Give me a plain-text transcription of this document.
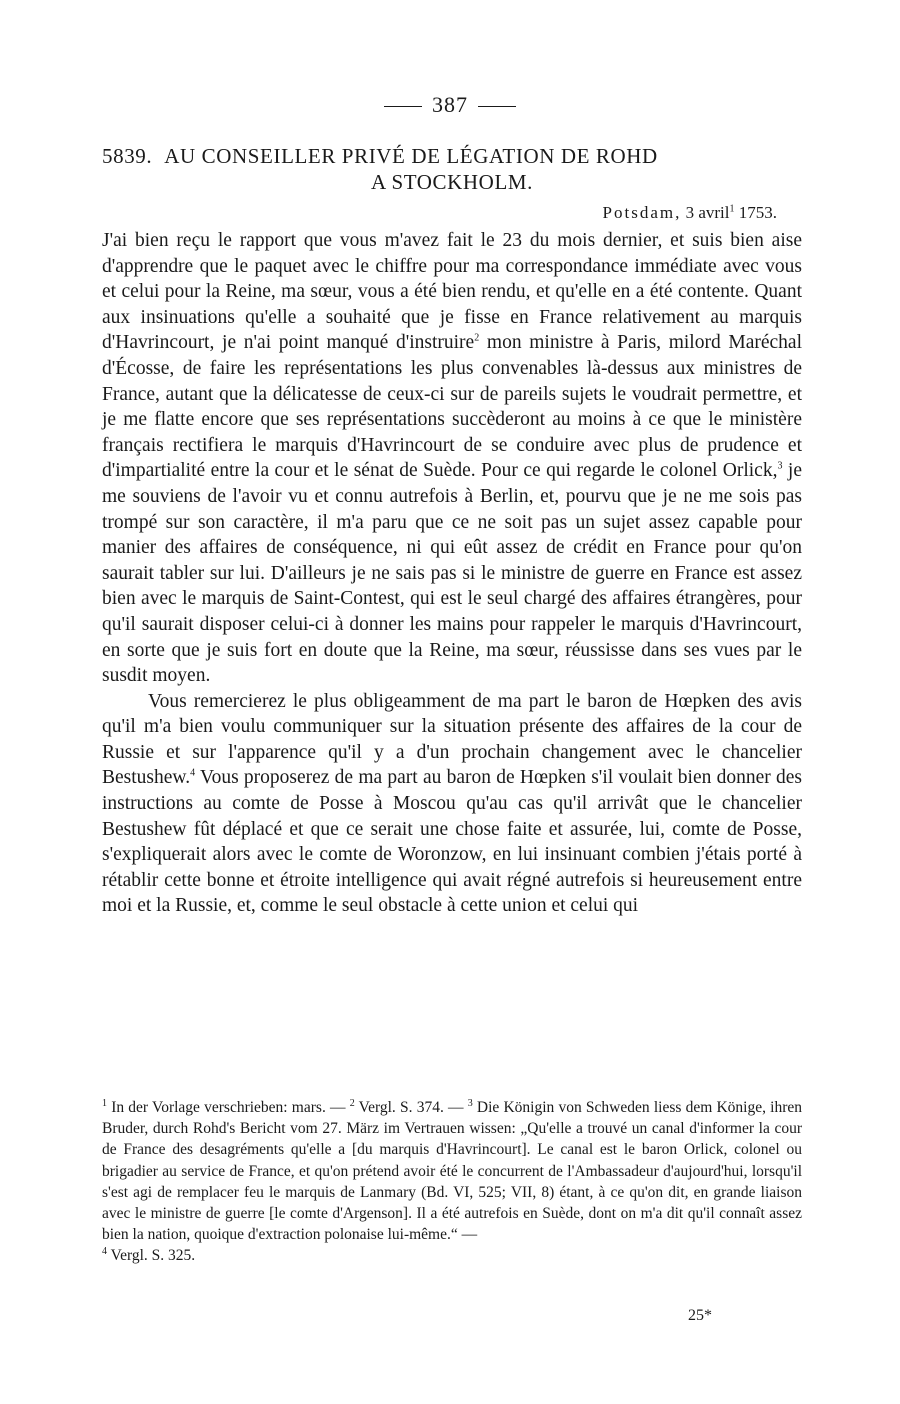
387
5839. AU CONSEILLER PRIVÉ DE LÉGATION DE ROHD
A STOCKHOLM.
Potsdam, 3 avril$^1$ 1753.

J'ai bien reçu le rapport que vous m'avez fait le 23 du mois dernier, et suis bien aise d'apprendre que le paquet avec le chiffre pour ma correspondance immédiate avec vous et celui pour la Reine, ma sœur, vous a été bien rendu, et qu'elle en a été contente. Quant aux insinuations qu'elle a souhaité que je fisse en France relativement au marquis d'Havrincourt, je n'ai point manqué d'instruire$^2$ mon ministre à Paris, milord Maréchal d'Écosse, de faire les représentations les plus convenables là-dessus aux ministres de France, autant que la délicatesse de ceux-ci sur de pareils sujets le voudrait permettre, et je me flatte encore que ses représentations succèderont au moins à ce que le ministère français rectifiera le marquis d'Havrincourt de se conduire avec plus de prudence et d'impartialité entre la cour et le sénat de Suède. Pour ce qui regarde le colonel Orlick,$^3$ je me souviens de l'avoir vu et connu autrefois à Berlin, et, pourvu que je ne me sois pas trompé sur son caractère, il m'a paru que ce ne soit pas un sujet assez capable pour manier des affaires de conséquence, ni qui eût assez de crédit en France pour qu'on saurait tabler sur lui. D'ailleurs je ne sais pas si le ministre de guerre en France est assez bien avec le marquis de Saint-Contest, qui est le seul chargé des affaires étrangères, pour qu'il saurait disposer celui-ci à donner les mains pour rappeler le marquis d'Havrincourt, en sorte que je suis fort en doute que la Reine, ma sœur, réussisse dans ses vues par le susdit moyen.

Vous remercierez le plus obligeamment de ma part le baron de Hœpken des avis qu'il m'a bien voulu communiquer sur la situation présente des affaires de la cour de Russie et sur l'apparence qu'il y a d'un prochain changement avec le chancelier Bestushew.$^4$ Vous proposerez de ma part au baron de Hœpken s'il voulait bien donner des instructions au comte de Posse à Moscou qu'au cas qu'il arrivât que le chancelier Bestushew fût déplacé et que ce serait une chose faite et assurée, lui, comte de Posse, s'expliquerait alors avec le comte de Woronzow, en lui insinuant combien j'étais porté à rétablir cette bonne et étroite intelligence qui avait régné autrefois si heureusement entre moi et la Russie, et, comme le seul obstacle à cette union et celui qui

$^1$ In der Vorlage verschrieben: mars. — $^2$ Vergl. S. 374. — $^3$ Die Königin von Schweden liess dem Könige, ihren Bruder, durch Rohd's Bericht vom 27. März im Vertrauen wissen: „Qu'elle a trouvé un canal d'informer la cour de France des desagréments qu'elle a [du marquis d'Havrincourt]. Le canal est le baron Orlick, colonel ou brigadier au service de France, et qu'on prétend avoir été le concurrent de l'Ambassadeur d'aujourd'hui, lorsqu'il s'est agi de remplacer feu le marquis de Lanmary (Bd. VI, 525; VII, 8) étant, à ce qu'on dit, en grande liaison avec le ministre de guerre [le comte d'Argenson]. Il a été autrefois en Suède, dont on m'a dit qu'il connaît assez bien la nation, quoique d'extraction polonaise lui-même.“ —
$^4$ Vergl. S. 325.

25*
